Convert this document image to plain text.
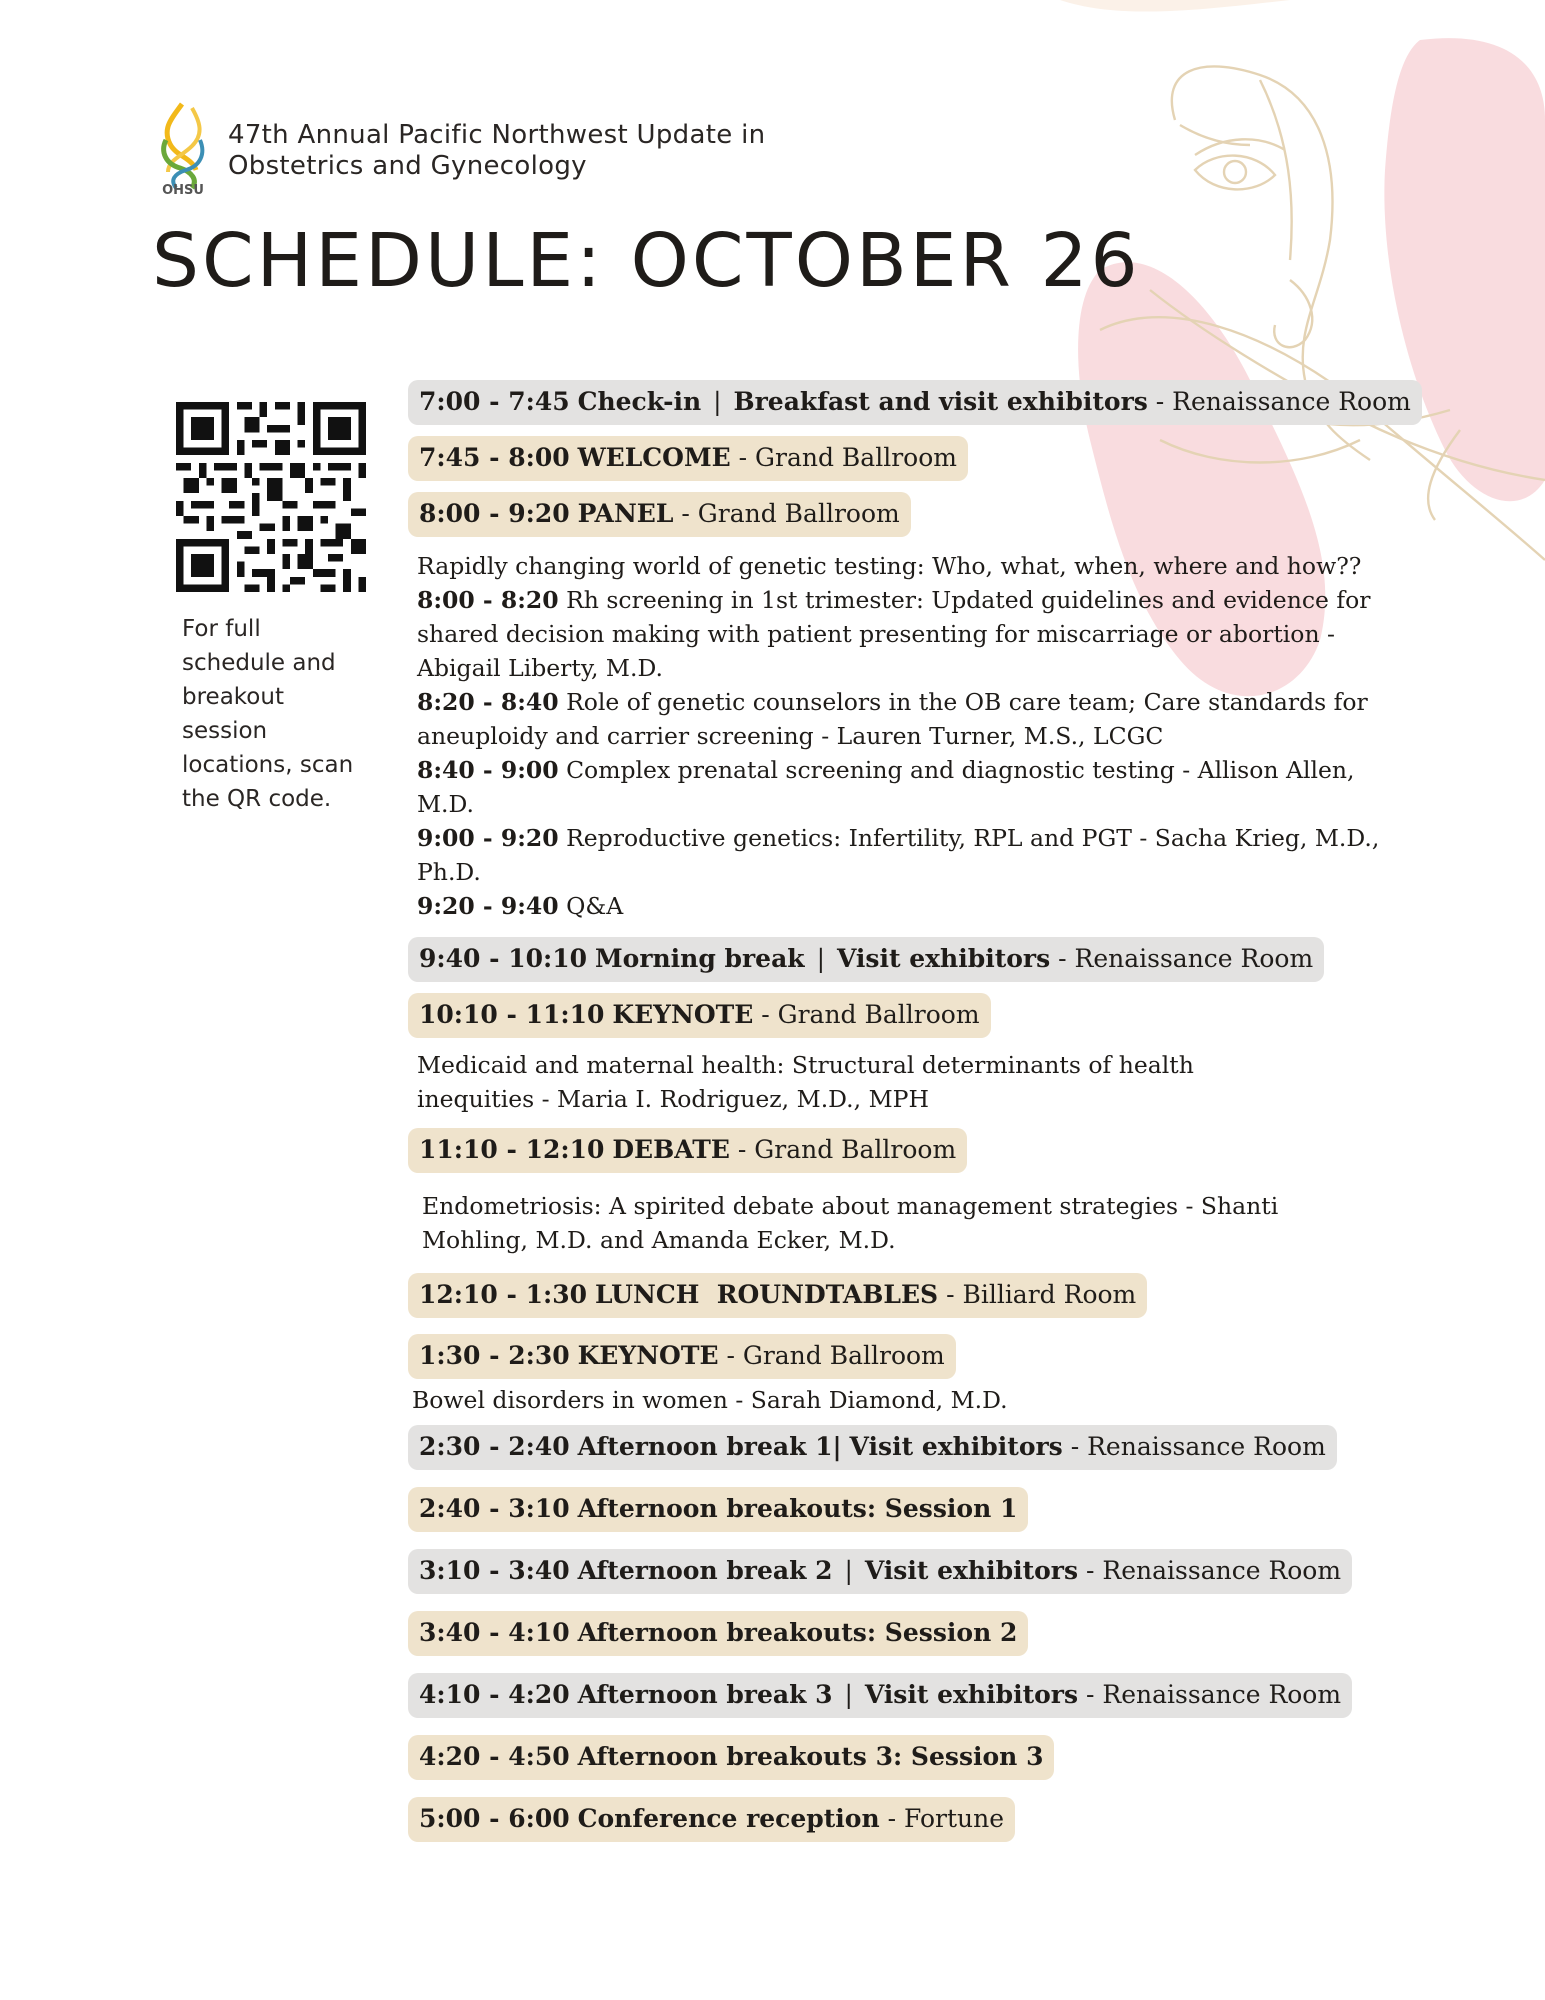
OHSU
47th Annual Pacific Northwest Update in
Obstetrics and Gynecology
SCHEDULE: OCTOBER 26
For full schedule and breakout session locations, scan the QR code.
7:00 - 7:45 Check-in | Breakfast and visit exhibitors - Renaissance Room
7:45 - 8:00 WELCOME - Grand Ballroom
8:00 - 9:20 PANEL - Grand Ballroom

Rapidly changing world of genetic testing: Who, what, when, where and how??

8:00 - 8:20 Rh screening in 1st trimester: Updated guidelines and evidence for shared decision making with patient presenting for miscarriage or abortion - Abigail Liberty, M.D.

8:20 - 8:40 Role of genetic counselors in the OB care team; Care standards for aneuploidy and carrier screening - Lauren Turner, M.S., LCGC

8:40 - 9:00 Complex prenatal screening and diagnostic testing - Allison Allen, M.D.

9:00 - 9:20 Reproductive genetics: Infertility, RPL and PGT - Sacha Krieg, M.D., Ph.D.

9:20 - 9:40 Q&A

9:40 - 10:10 Morning break | Visit exhibitors - Renaissance Room
10:10 - 11:10 KEYNOTE - Grand Ballroom
Medicaid and maternal health: Structural determinants of health inequities - Maria I. Rodriguez, M.D., MPH
11:10 - 12:10 DEBATE - Grand Ballroom
Endometriosis: A spirited debate about management strategies - Shanti Mohling, M.D. and Amanda Ecker, M.D.
12:10 - 1:30 LUNCH  ROUNDTABLES - Billiard Room
1:30 - 2:30 KEYNOTE - Grand Ballroom
Bowel disorders in women - Sarah Diamond, M.D.
2:30 - 2:40 Afternoon break 1| Visit exhibitors - Renaissance Room
2:40 - 3:10 Afternoon breakouts: Session 1
3:10 - 3:40 Afternoon break 2 | Visit exhibitors - Renaissance Room
3:40 - 4:10 Afternoon breakouts: Session 2
4:10 - 4:20 Afternoon break 3 | Visit exhibitors - Renaissance Room
4:20 - 4:50 Afternoon breakouts 3: Session 3
5:00 - 6:00 Conference reception - Fortune
